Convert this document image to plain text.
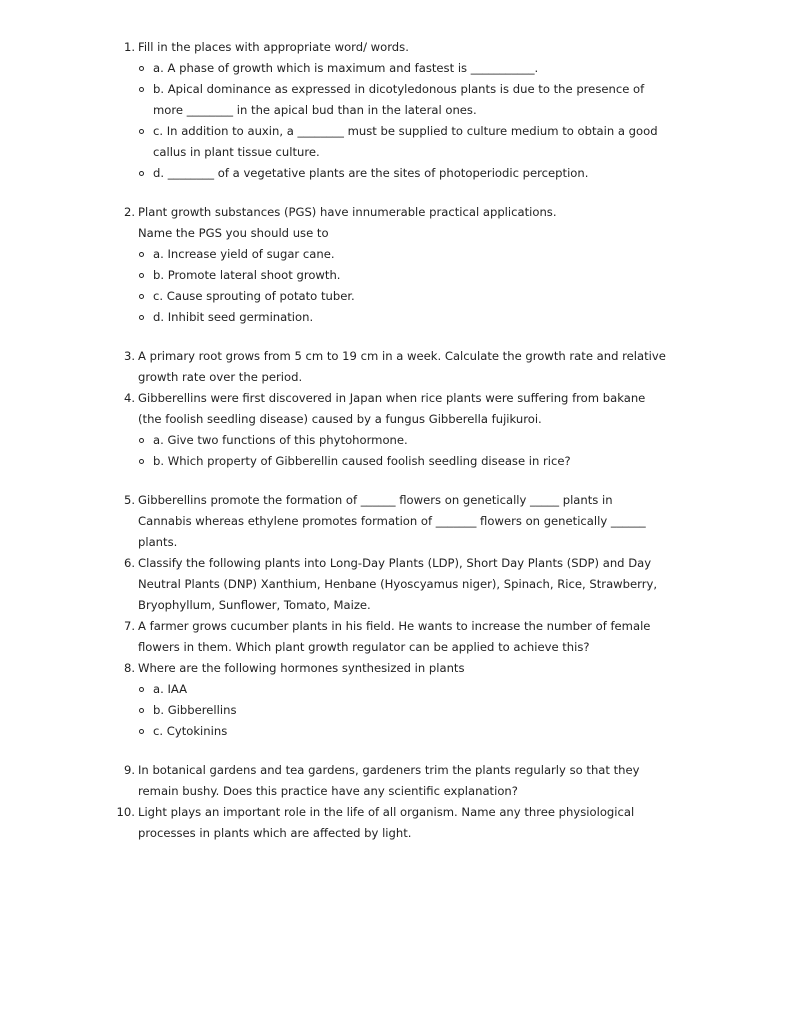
1. Fill in the places with appropriate word/ words.

a. A phase of growth which is maximum and fastest is ___________.
b. Apical dominance as expressed in dicotyledonous plants is due to the presence of more ________ in the apical bud than in the lateral ones.
c. In addition to auxin, a ________ must be supplied to culture medium to obtain a good callus in plant tissue culture.
d. ________ of a vegetative plants are the sites of photoperiodic perception.
2. Plant growth substances (PGS) have innumerable practical applications.

Name the PGS you should use to

a. Increase yield of sugar cane.
b. Promote lateral shoot growth.
c. Cause sprouting of potato tuber.
d. Inhibit seed germination.
3. A primary root grows from 5 cm to 19 cm in a week. Calculate the growth rate and relative growth rate over the period.

4. Gibberellins were first discovered in Japan when rice plants were suffering from bakane (the foolish seedling disease) caused by a fungus Gibberella fujikuroi.

a. Give two functions of this phytohormone.
b. Which property of Gibberellin caused foolish seedling disease in rice?
5. Gibberellins promote the formation of ______ flowers on genetically _____ plants in Cannabis whereas ethylene promotes formation of _______ flowers on genetically ______ plants.

6. Classify the following plants into Long-Day Plants (LDP), Short Day Plants (SDP) and Day Neutral Plants (DNP) Xanthium, Henbane (Hyoscyamus niger), Spinach, Rice, Strawberry, Bryophyllum, Sunflower, Tomato, Maize.

7. A farmer grows cucumber plants in his field. He wants to increase the number of female flowers in them. Which plant growth regulator can be applied to achieve this?

8. Where are the following hormones synthesized in plants

a. IAA
b. Gibberellins
c. Cytokinins
9. In botanical gardens and tea gardens, gardeners trim the plants regularly so that they remain bushy. Does this practice have any scientific explanation?

10. Light plays an important role in the life of all organism. Name any three physiological processes in plants which are affected by light.
